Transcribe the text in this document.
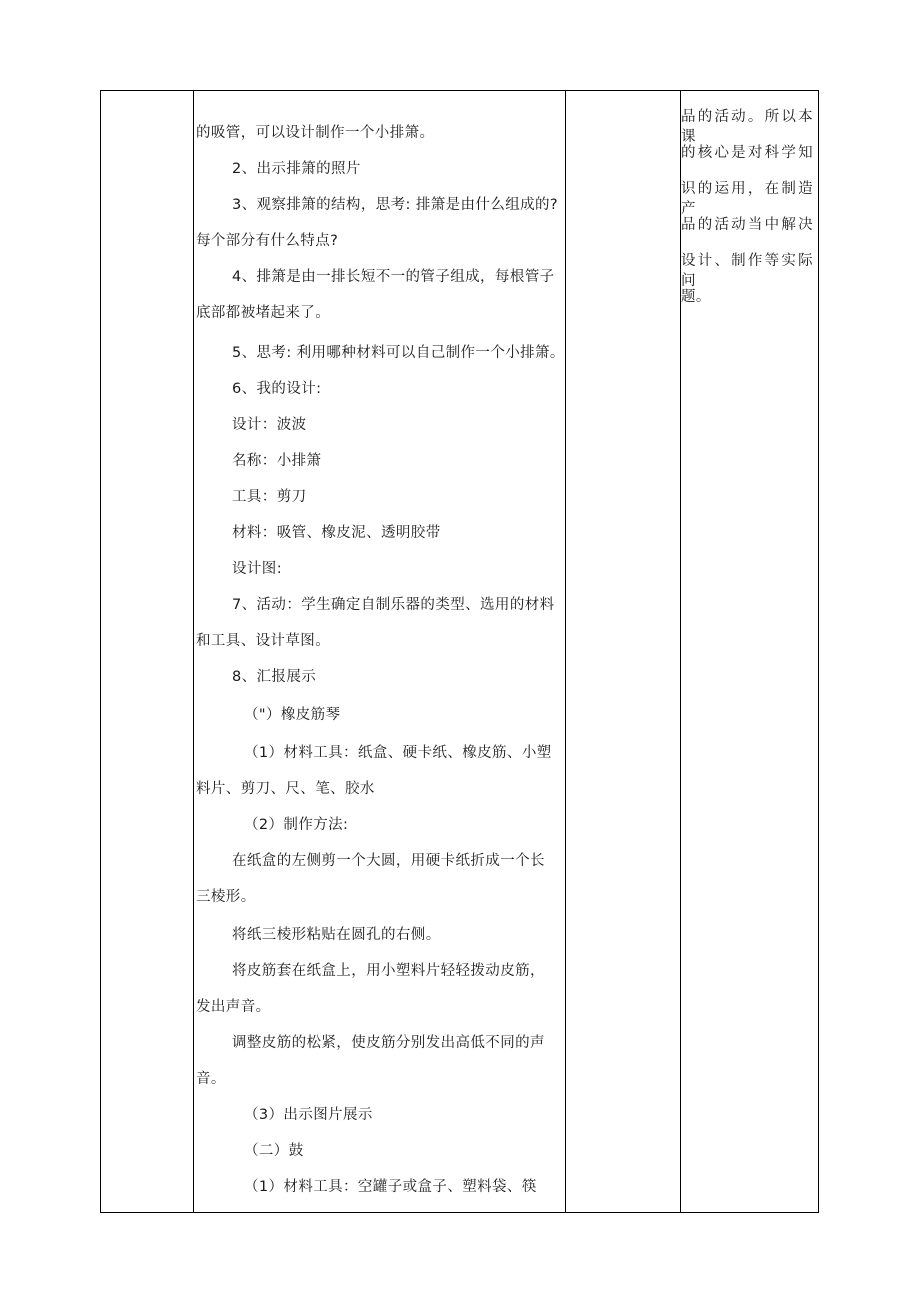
的吸管，可以设计制作一个小排箫。
2、出示排箫的照片
3、观察排箫的结构，思考: 排箫是由什么组成的?
每个部分有什么特点?
4、排箫是由一排长短不一的管子组成，每根管子
底部都被堵起来了。
5、思考: 利用哪种材料可以自己制作一个小排箫。
6、我的设计:
设计：波波
名称：小排箫
工具：剪刀
材料：吸管、橡皮泥、透明胶带
设计图:
7、活动：学生确定自制乐器的类型、选用的材料
和工具、设计草图。
8、汇报展示
（"）橡皮筋琴
（1）材料工具：纸盒、硬卡纸、橡皮筋、小塑
料片、剪刀、尺、笔、胶水
（2）制作方法:
在纸盒的左侧剪一个大圆，用硬卡纸折成一个长
三棱形。
将纸三棱形粘贴在圆孔的右侧。
将皮筋套在纸盒上，用小塑料片轻轻拨动皮筋，
发出声音。
调整皮筋的松紧，使皮筋分别发出高低不同的声
音。
（3）出示图片展示
（二）鼓
（1）材料工具：空罐子或盒子、塑料袋、筷
品的活动。所以本课
的核心是对科学知
识的运用，在制造产
品的活动当中解决
设计、制作等实际问
题。
